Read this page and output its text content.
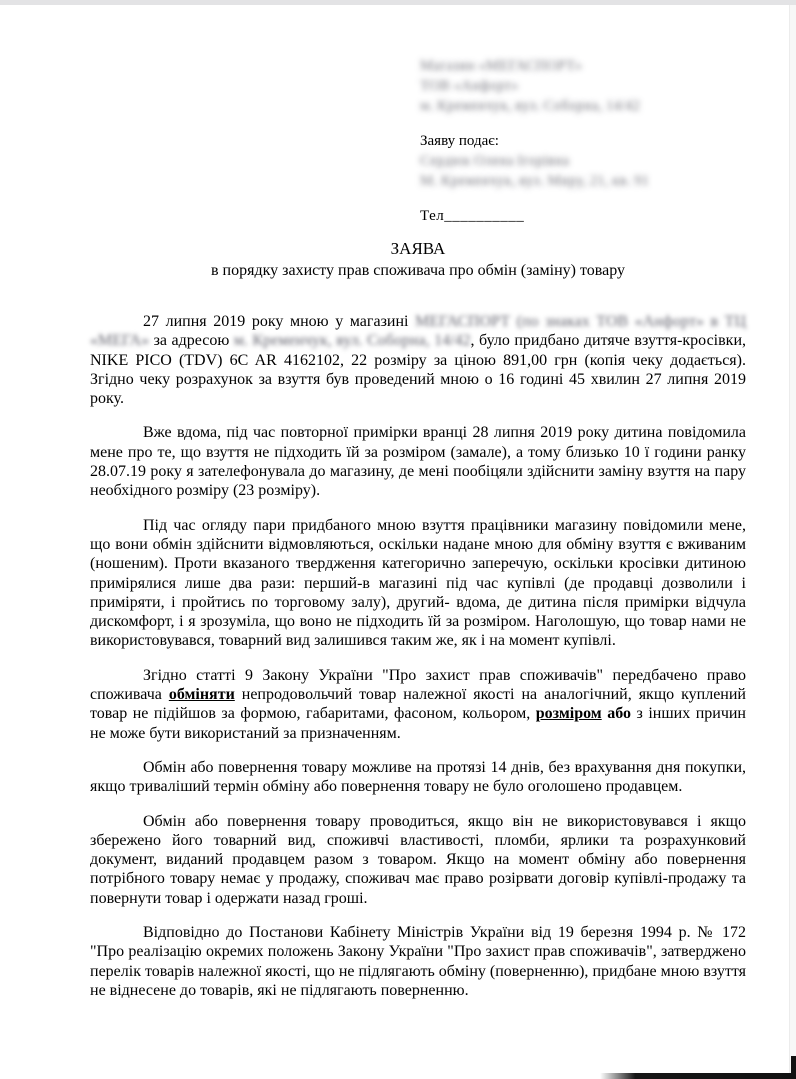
Магазин «МЕГАСПОРТ»
ТОВ «Анфорт»
м. Кременчук, вул. Соборна, 14/42
Заяву подає:
Сердюк Олена Ігорівна
М. Кременчук, вул. Миру, 21, кв. 91
Тел__________
ЗАЯВА
в порядку захисту прав споживача про обмін (заміну) товару

27 липня 2019 року мною у магазині МЕГАСПОРТ (по знаках ТОВ «Анфорт» в ТЦ «МЕГА» за адресою м. Кременчук, вул. Соборна, 14/42, було придбано дитяче взуття-кросівки, NIKE PICO (TDV) 6C AR 4162102, 22 розміру за ціною 891,00 грн (копія чеку додається). Згідно чеку розрахунок за взуття був проведений мною о 16 годині 45 хвилин 27 липня 2019 року.

Вже вдома, під час повторної примірки вранці 28 липня 2019 року дитина повідомила мене про те, що взуття не підходить їй за розміром (замале), а тому близько 10 ї години ранку 28.07.19 року я зателефонувала до магазину, де мені пообіцяли здійснити заміну взуття на пару необхідного розміру (23 розміру).

Під час огляду пари придбаного мною взуття працівники магазину повідомили мене, що вони обмін здійснити відмовляються, оскільки надане мною для обміну взуття є вживаним (ношеним). Проти вказаного твердження категорично заперечую, оскільки кросівки дитиною примірялися лише два рази: перший-в магазині під час купівлі (де продавці дозволили і приміряти, і пройтись по торговому залу), другий- вдома, де дитина після примірки відчула дискомфорт, і я зрозуміла, що воно не підходить їй за розміром. Наголошую, що товар нами не використовувався, товарний вид залишився таким же, як і на момент купівлі.

Згідно статті 9 Закону України "Про захист прав споживачів" передбачено право споживача обміняти непродовольчий товар належної якості на аналогічний, якщо куплений товар не підійшов за формою, габаритами, фасоном, кольором, розміром або з інших причин не може бути використаний за призначенням.

Обмін або повернення товару можливе на протязі 14 днів, без врахування дня покупки, якщо триваліший термін обміну або повернення товару не було оголошено продавцем.

Обмін або повернення товару проводиться, якщо він не використовувався і якщо збережено його товарний вид, споживчі властивості, пломби, ярлики та розрахунковий документ, виданий продавцем разом з товаром. Якщо на момент обміну або повернення потрібного товару немає у продажу, споживач має право розірвати договір купівлі-продажу та повернути товар і одержати назад гроші.

Відповідно до Постанови Кабінету Міністрів України від 19 березня 1994 р. № 172 "Про реалізацію окремих положень Закону України "Про захист прав споживачів", затверджено перелік товарів належної якості, що не підлягають обміну (поверненню), придбане мною взуття не віднесене до товарів, які не підлягають поверненню.
